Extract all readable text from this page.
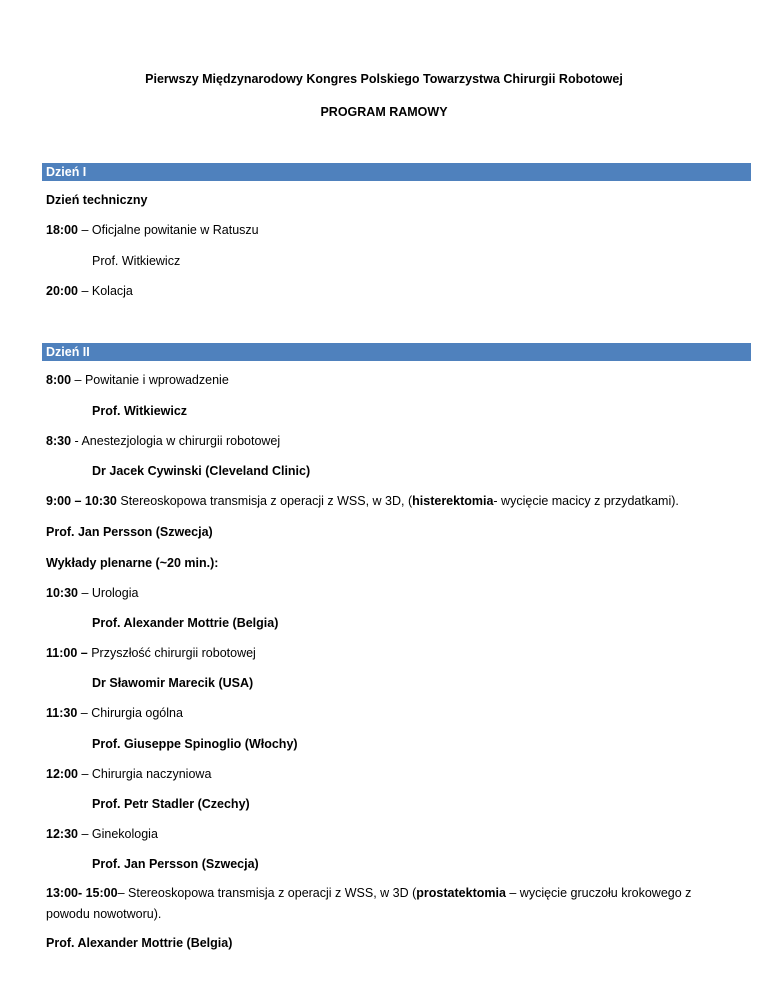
Pierwszy Międzynarodowy Kongres Polskiego Towarzystwa Chirurgii Robotowej
PROGRAM RAMOWY
Dzień I
Dzień techniczny
18:00 – Oficjalne powitanie w Ratuszu
Prof. Witkiewicz
20:00 – Kolacja
Dzień II
8:00 – Powitanie i wprowadzenie
Prof. Witkiewicz
8:30 - Anestezjologia w chirurgii robotowej
Dr Jacek Cywinski (Cleveland Clinic)
9:00 – 10:30 Stereoskopowa transmisja z operacji z WSS, w 3D, (histerektomia- wycięcie macicy z przydatkami).
Prof. Jan Persson (Szwecja)
Wykłady plenarne (~20 min.):
10:30 – Urologia
Prof. Alexander Mottrie (Belgia)
11:00 – Przyszłość chirurgii robotowej
Dr Sławomir Marecik (USA)
11:30 – Chirurgia ogólna
Prof. Giuseppe Spinoglio (Włochy)
12:00 – Chirurgia naczyniowa
Prof. Petr Stadler (Czechy)
12:30 – Ginekologia
Prof. Jan Persson (Szwecja)
13:00- 15:00– Stereoskopowa transmisja z operacji z WSS, w 3D (prostatektomia – wycięcie gruczołu krokowego z powodu nowotworu).
Prof. Alexander Mottrie (Belgia)
